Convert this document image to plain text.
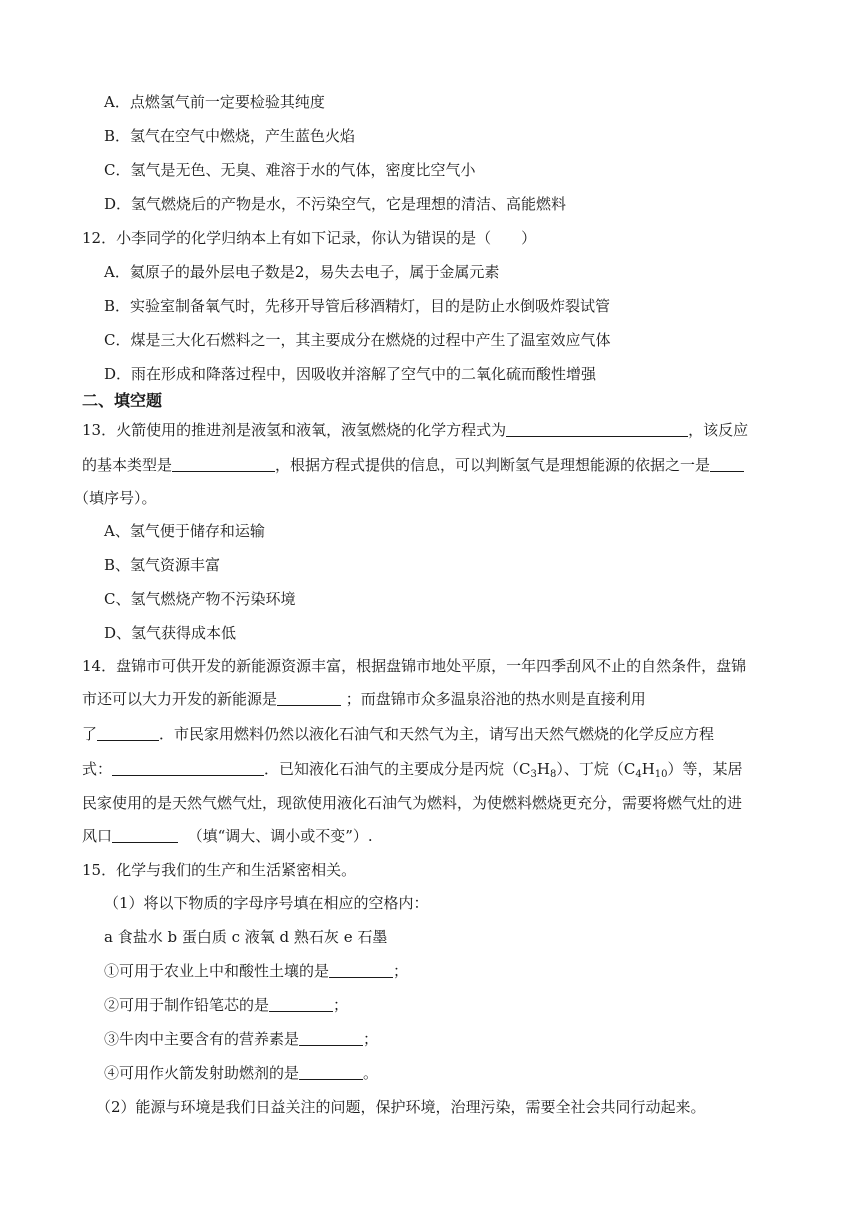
A．点燃氢气前一定要检验其纯度
B．氢气在空气中燃烧，产生蓝色火焰
C．氢气是无色、无臭、难溶于水的气体，密度比空气小
D．氢气燃烧后的产物是水，不污染空气，它是理想的清洁、高能燃料
12．小李同学的化学归纳本上有如下记录，你认为错误的是（　　）
A．氦原子的最外层电子数是2，易失去电子，属于金属元素
B．实验室制备氧气时，先移开导管后移酒精灯，目的是防止水倒吸炸裂试管
C．煤是三大化石燃料之一，其主要成分在燃烧的过程中产生了温室效应气体
D．雨在形成和降落过程中，因吸收并溶解了空气中的二氧化硫而酸性增强
二、填空题
13．火箭使用的推进剂是液氢和液氧，液氢燃烧的化学方程式为	，该反应
的基本类型是	，根据方程式提供的信息，可以判断氢气是理想能源的依据之一是
（填序号）。
A、氢气便于储存和运输
B、氢气资源丰富
C、氢气燃烧产物不污染环境
D、氢气获得成本低
14．盘锦市可供开发的新能源资源丰富，根据盘锦市地处平原，一年四季刮风不止的自然条件，盘锦
市还可以大力开发的新能源是	；而盘锦市众多温泉浴池的热水则是直接利用
了	．市民家用燃料仍然以液化石油气和天然气为主，请写出天然气燃烧的化学反应方程
式：	．已知液化石油气的主要成分是丙烷$(C_3H_8)$、丁烷$(C_4H_{10})$等，某居
民家使用的是天然气燃气灶，现欲使用液化石油气为燃料，为使燃料燃烧更充分，需要将燃气灶的进
风口	（填“调大、调小或不变”）.
15．化学与我们的生产和生活紧密相关。
（1）将以下物质的字母序号填在相应的空格内：
a 食盐水 b 蛋白质 c 液氧 d 熟石灰 e 石墨
①可用于农业上中和酸性土壤的是	；
②可用于制作铅笔芯的是	；
③牛肉中主要含有的营养素是	；
④可用作火箭发射助燃剂的是	。
（2）能源与环境是我们日益关注的问题，保护环境，治理污染，需要全社会共同行动起来。
